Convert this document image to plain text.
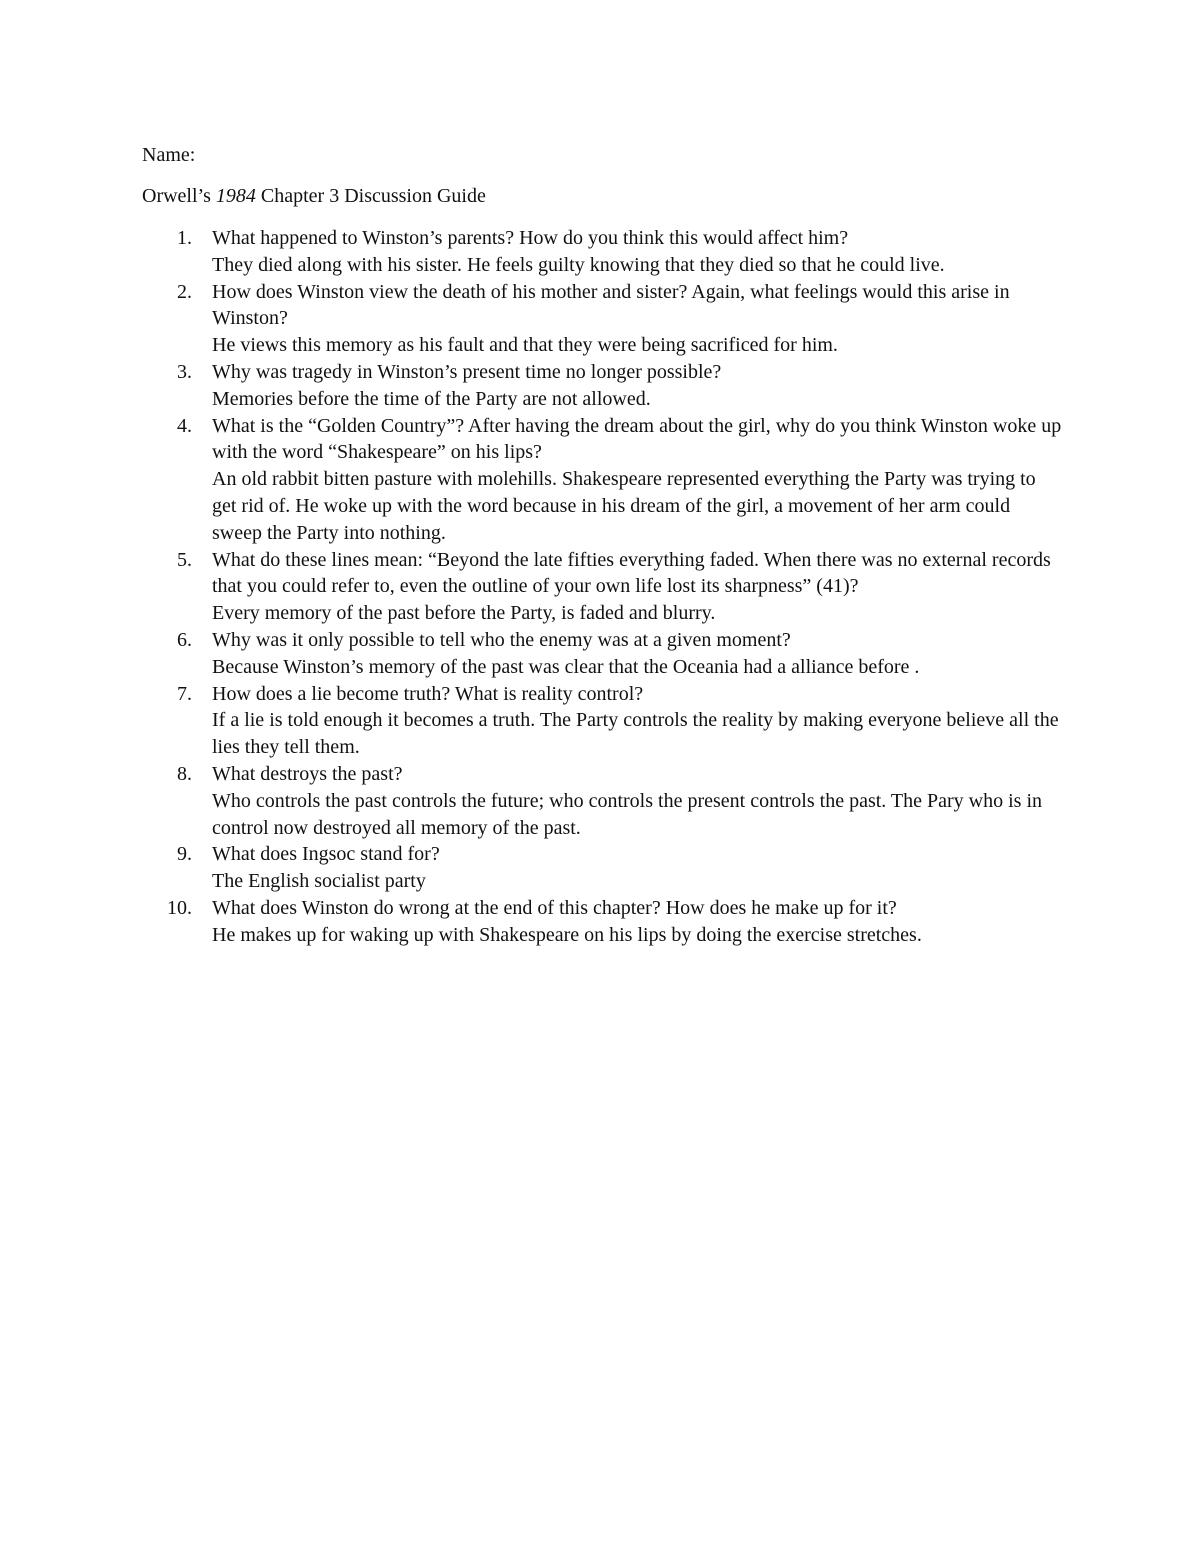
Name:

Orwell’s 1984 Chapter 3 Discussion Guide
1. What happened to Winston’s parents? How do you think this would affect him?
They died along with his sister. He feels guilty knowing that they died so that he could live.
2. How does Winston view the death of his mother and sister? Again, what feelings would this arise in Winston?
He views this memory as his fault and that they were being sacrificed for him.
3. Why was tragedy in Winston’s present time no longer possible?
Memories before the time of the Party are not allowed.
4. What is the “Golden Country”? After having the dream about the girl, why do you think Winston woke up with the word “Shakespeare” on his lips?
An old rabbit bitten pasture with molehills. Shakespeare represented everything the Party was trying to get rid of. He woke up with the word because in his dream of the girl, a movement of her arm could sweep the Party into nothing.
5. What do these lines mean: “Beyond the late fifties everything faded. When there was no external records that you could refer to, even the outline of your own life lost its sharpness” (41)?
Every memory of the past before the Party, is faded and blurry.
6. Why was it only possible to tell who the enemy was at a given moment?
Because Winston’s memory of the past was clear that the Oceania had a alliance before .
7. How does a lie become truth? What is reality control?
If a lie is told enough it becomes a truth. The Party controls the reality by making everyone believe all the lies they tell them.
8. What destroys the past?
Who controls the past controls the future; who controls the present controls the past. The Pary who is in control now destroyed all memory of the past.
9. What does Ingsoc stand for?
The English socialist party
10. What does Winston do wrong at the end of this chapter? How does he make up for it?
He makes up for waking up with Shakespeare on his lips by doing the exercise stretches.
